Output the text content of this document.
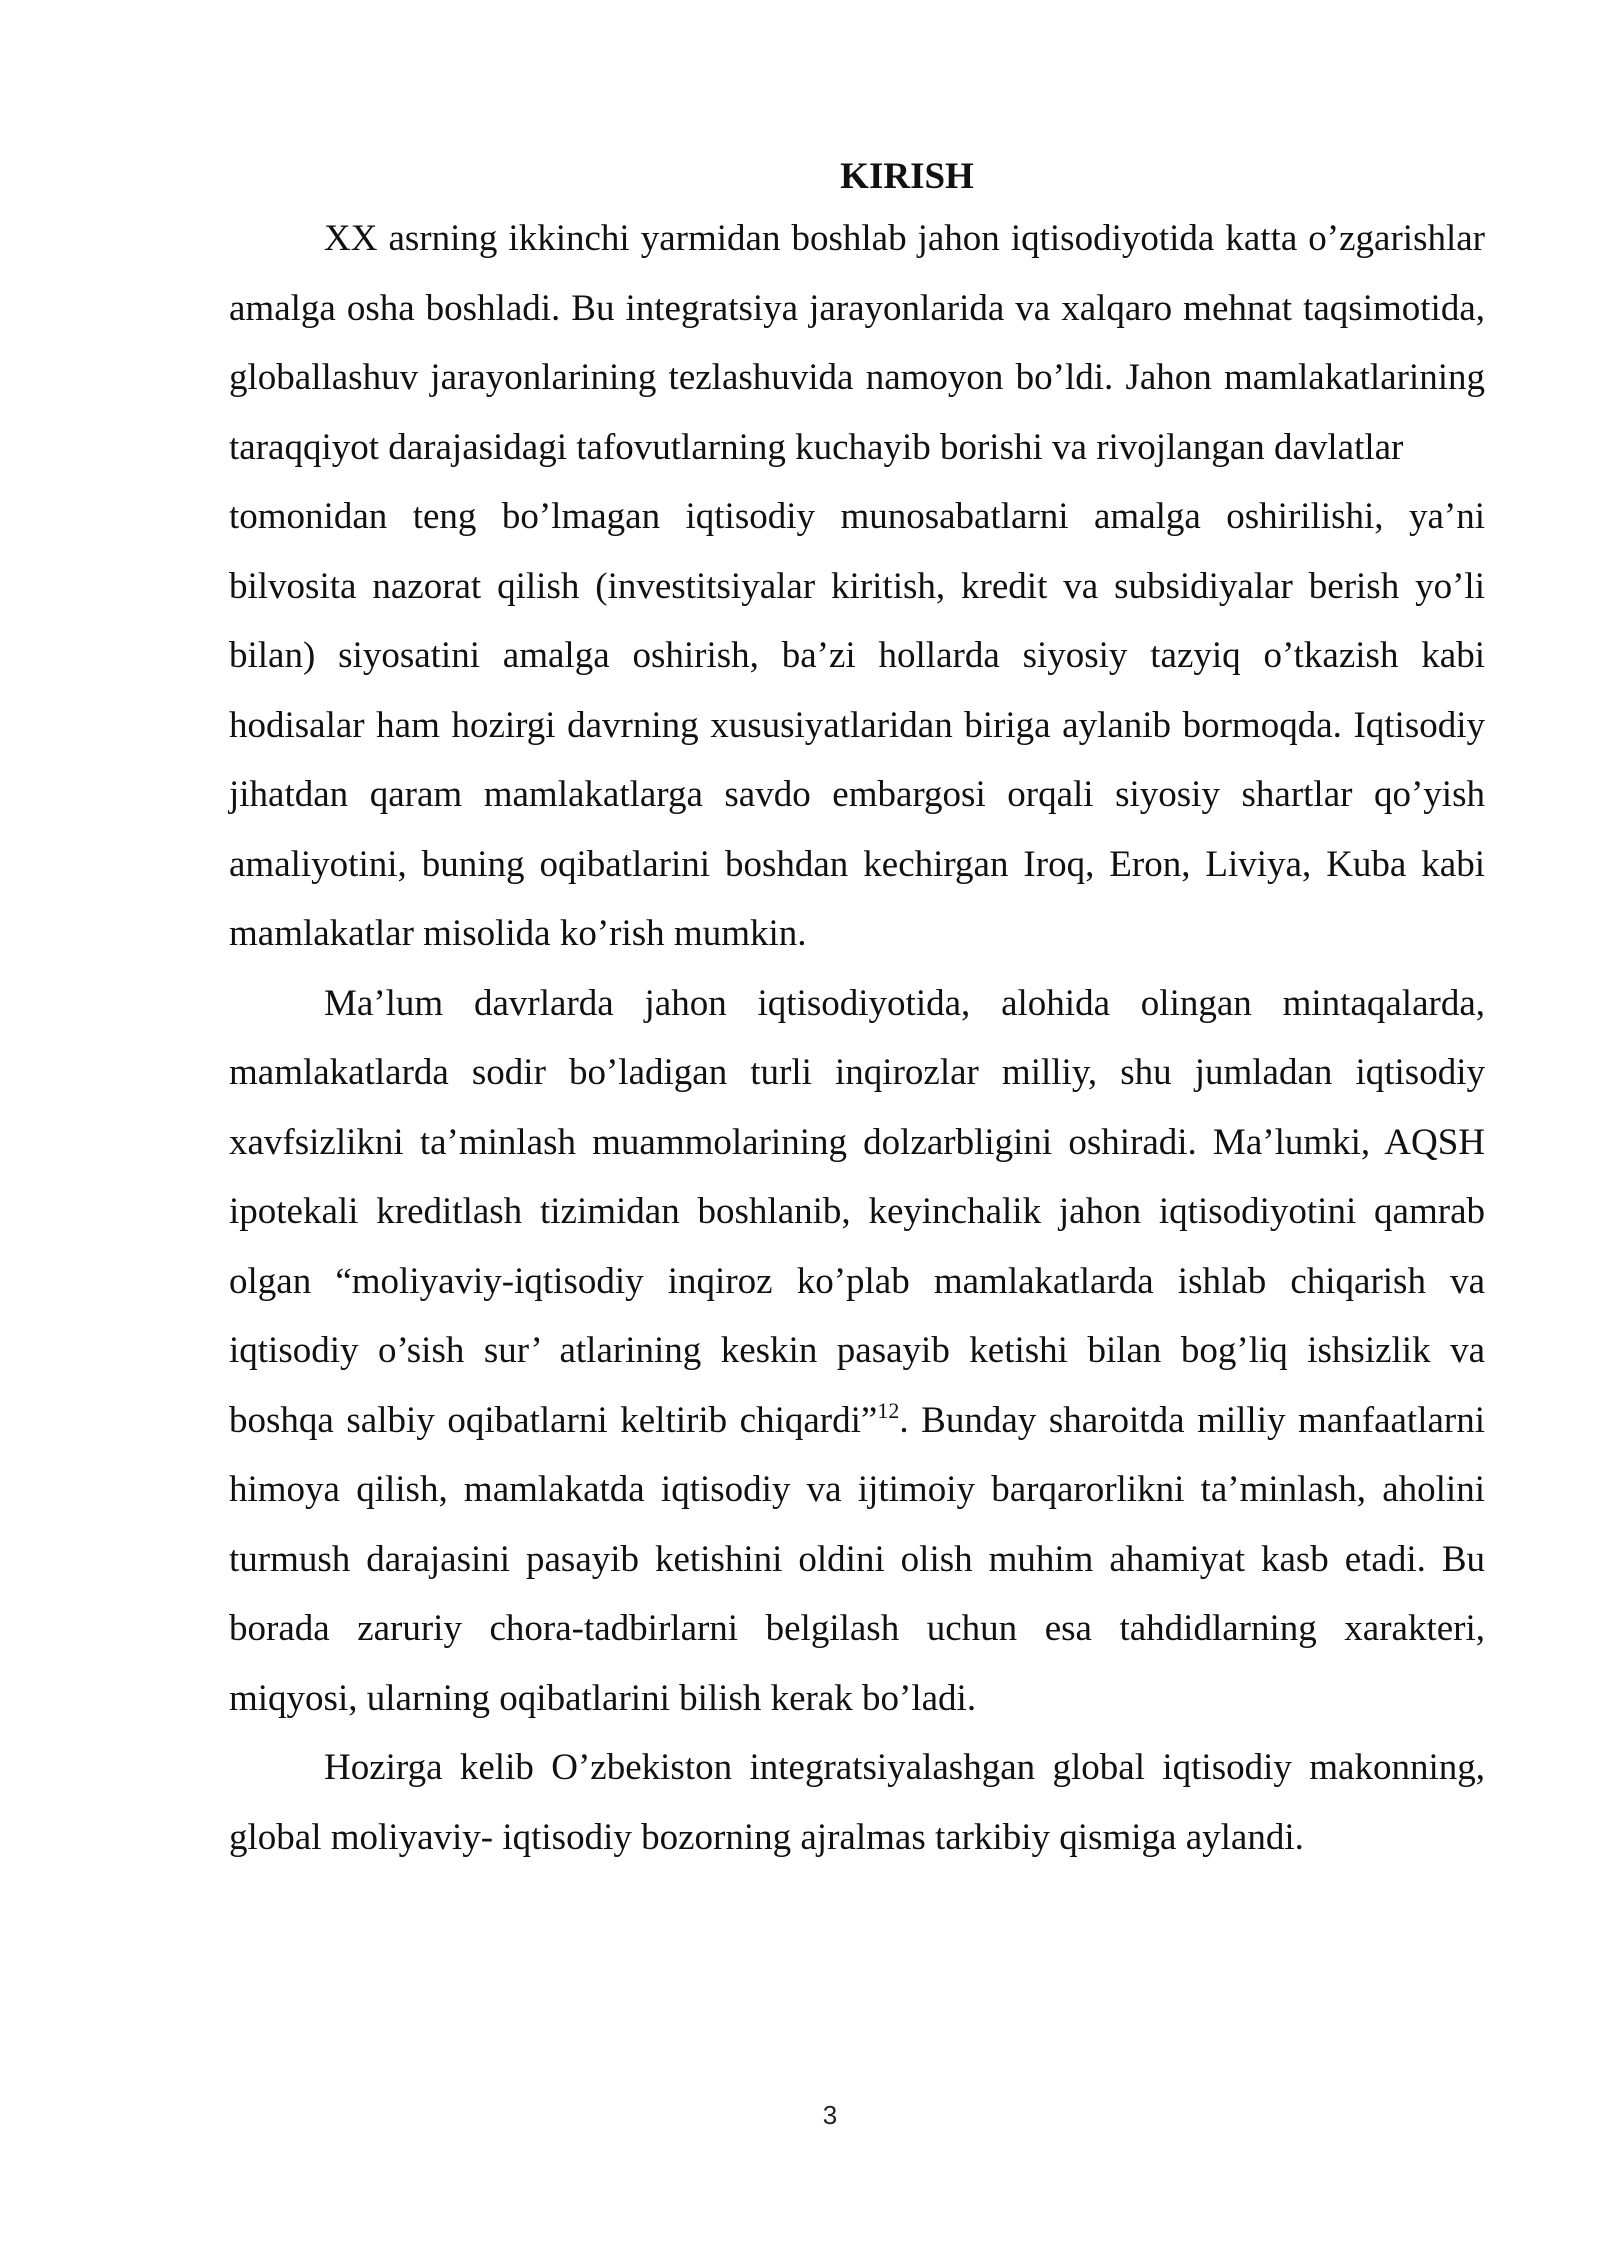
KIRISH

XX asrning ikkinchi yarmidan boshlab jahon iqtisodiyotida katta o’zgarishlar amalga osha boshladi. Bu integratsiya jarayonlarida va xalqaro mehnat taqsimotida, globallashuv jarayonlarining tezlashuvida namoyon bo’ldi. Jahon mamlakatlarining taraqqiyot darajasidagi tafovutlarning kuchayib borishi va rivojlangan davlatlar

tomonidan teng bo’lmagan iqtisodiy munosabatlarni amalga oshirilishi, ya’ni bilvosita nazorat qilish (investitsiyalar kiritish, kredit va subsidiyalar berish yo’li bilan) siyosatini amalga oshirish, ba’zi hollarda siyosiy tazyiq o’tkazish kabi hodisalar ham hozirgi davrning xususiyatlaridan biriga aylanib bormoqda. Iqtisodiy jihatdan qaram mamlakatlarga savdo embargosi orqali siyosiy shartlar qo’yish amaliyotini, buning oqibatlarini boshdan kechirgan Iroq, Eron, Liviya, Kuba kabi mamlakatlar misolida ko’rish mumkin.

Ma’lum davrlarda jahon iqtisodiyotida, alohida olingan mintaqalarda, mamlakatlarda sodir bo’ladigan turli inqirozlar milliy, shu jumladan iqtisodiy xavfsizlikni ta’minlash muammolarining dolzarbligini oshiradi. Ma’lumki, AQSH ipotekali kreditlash tizimidan boshlanib, keyinchalik jahon iqtisodiyotini qamrab olgan “moliyaviy-iqtisodiy inqiroz ko’plab mamlakatlarda ishlab chiqarish va iqtisodiy o’sish sur’ atlarining keskin pasayib ketishi bilan bog’liq ishsizlik va boshqa salbiy oqibatlarni keltirib chiqardi”$^{12}$. Bunday sharoitda milliy manfaatlarni himoya qilish, mamlakatda iqtisodiy va ijtimoiy barqarorlikni ta’minlash, aholini turmush darajasini pasayib ketishini oldini olish muhim ahamiyat kasb etadi. Bu borada zaruriy chora-tadbirlarni belgilash uchun esa tahdidlarning xarakteri, miqyosi, ularning oqibatlarini bilish kerak bo’ladi.

Hozirga kelib O’zbekiston integratsiyalashgan global iqtisodiy makonning, global moliyaviy- iqtisodiy bozorning ajralmas tarkibiy qismiga aylandi.

3
